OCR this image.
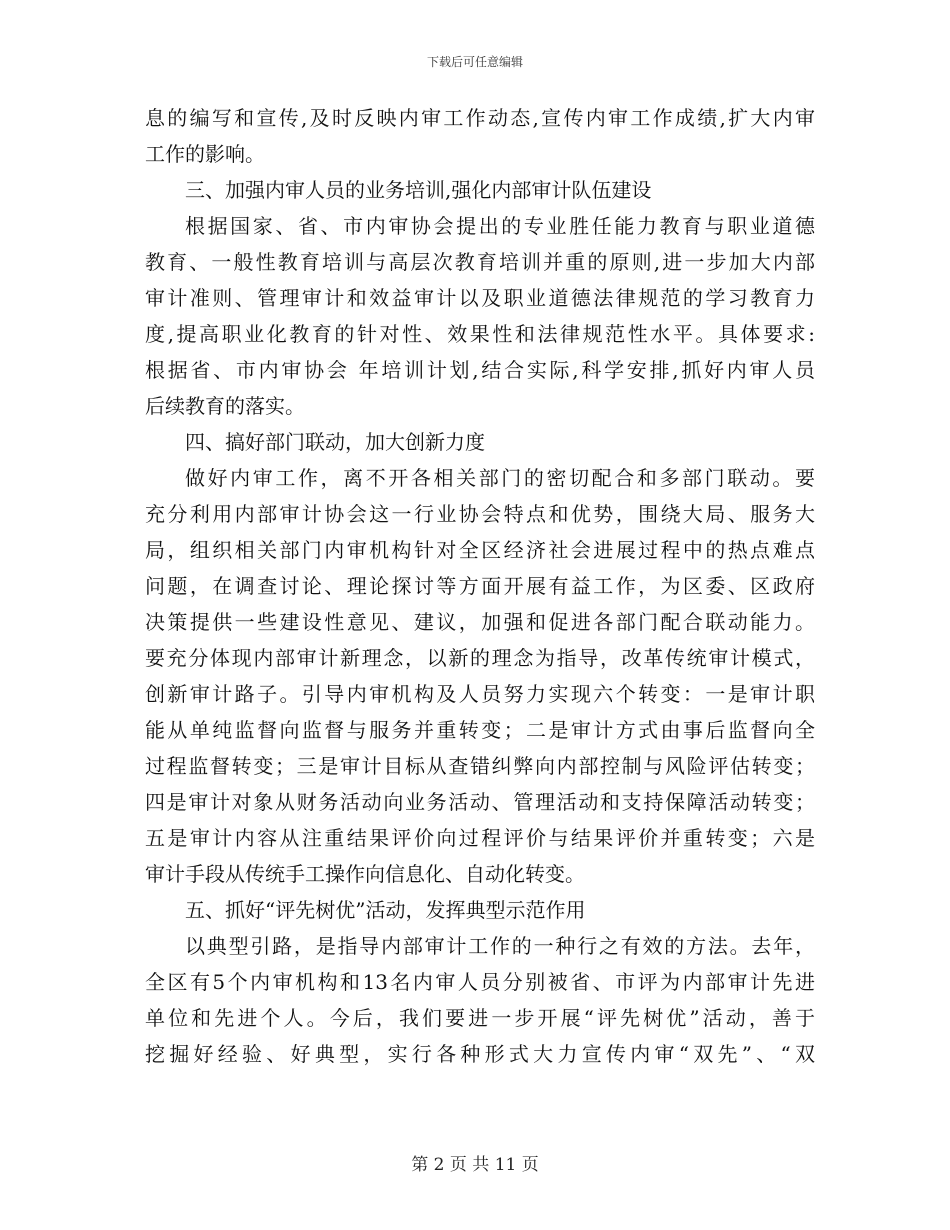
下载后可任意编辑
息的编写和宣传,及时反映内审工作动态,宣传内审工作成绩,扩大内审
工作的影响。
三、加强内审人员的业务培训,强化内部审计队伍建设
根据国家、省、市内审协会提出的专业胜任能力教育与职业道德
教育、一般性教育培训与高层次教育培训并重的原则,进一步加大内部
审计准则、管理审计和效益审计以及职业道德法律规范的学习教育力
度,提高职业化教育的针对性、效果性和法律规范性水平。具体要求:
根据省、市内审协会 年培训计划,结合实际,科学安排,抓好内审人员
后续教育的落实。
四、搞好部门联动，加大创新力度
做好内审工作，离不开各相关部门的密切配合和多部门联动。要
充分利用内部审计协会这一行业协会特点和优势，围绕大局、服务大
局，组织相关部门内审机构针对全区经济社会进展过程中的热点难点
问题，在调查讨论、理论探讨等方面开展有益工作，为区委、区政府
决策提供一些建设性意见、建议，加强和促进各部门配合联动能力。
要充分体现内部审计新理念，以新的理念为指导，改革传统审计模式，
创新审计路子。引导内审机构及人员努力实现六个转变：一是审计职
能从单纯监督向监督与服务并重转变；二是审计方式由事后监督向全
过程监督转变；三是审计目标从查错纠弊向内部控制与风险评估转变；
四是审计对象从财务活动向业务活动、管理活动和支持保障活动转变；
五是审计内容从注重结果评价向过程评价与结果评价并重转变；六是
审计手段从传统手工操作向信息化、自动化转变。
五、抓好“评先树优”活动，发挥典型示范作用
以典型引路，是指导内部审计工作的一种行之有效的方法。去年，
全区有5个内审机构和13名内审人员分别被省、市评为内部审计先进
单位和先进个人。今后，我们要进一步开展“评先树优”活动，善于
挖掘好经验、好典型，实行各种形式大力宣传内审“双先”、“双
第 2 页 共 11 页
